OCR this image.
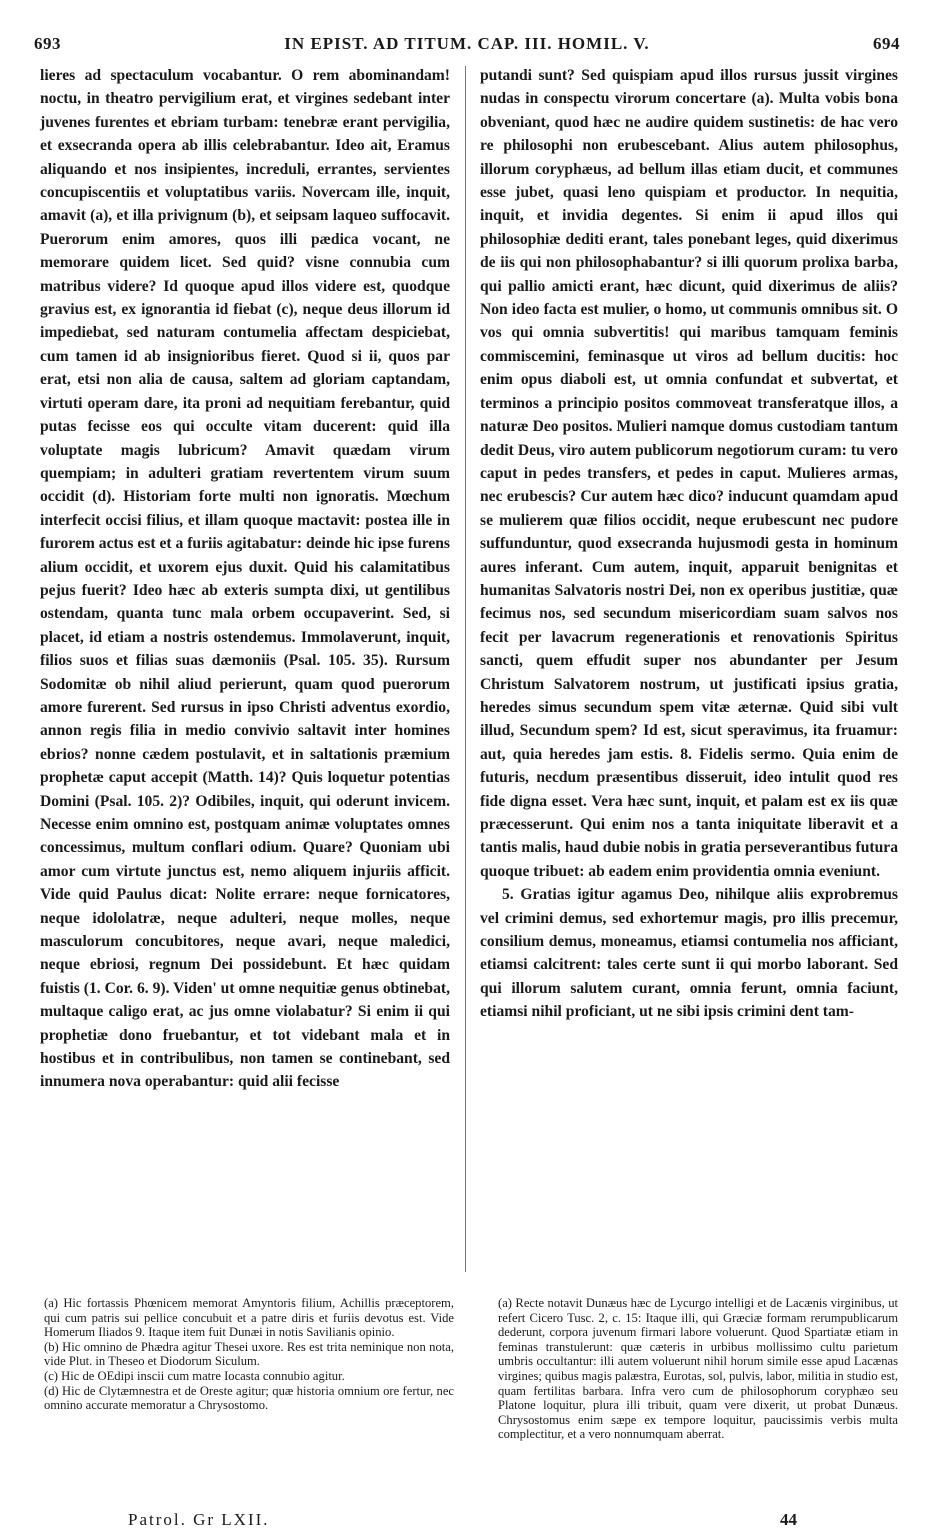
693	IN EPIST. AD TITUM. CAP. III. HOMIL. V.	694

lieres ad spectaculum vocabantur. O rem abominandam! noctu, in theatro pervigilium erat, et virgines sedebant inter juvenes furentes et ebriam turbam: tenebræ erant pervigilia, et exsecranda opera ab illis celebrabantur. Ideo ait, Eramus aliquando et nos insipientes, increduli, errantes, servientes concupiscentiis et voluptatibus variis. Novercam ille, inquit, amavit (a), et illa privignum (b), et seipsam laqueo suffocavit. Puerorum enim amores, quos illi pædica vocant, ne memorare quidem licet. Sed quid? visne connubia cum matribus videre? Id quoque apud illos videre est, quodque gravius est, ex ignorantia id fiebat (c), neque deus illorum id impediebat, sed naturam contumelia affectam despiciebat, cum tamen id ab insignioribus fieret. Quod si ii, quos par erat, etsi non alia de causa, saltem ad gloriam captandam, virtuti operam dare, ita proni ad nequitiam ferebantur, quid putas fecisse eos qui occulte vitam ducerent: quid illa voluptate magis lubricum? Amavit quædam virum quempiam; in adulteri gratiam revertentem virum suum occidit (d). Historiam forte multi non ignoratis. Mœchum interfecit occisi filius, et illam quoque mactavit: postea ille in furorem actus est et a furiis agitabatur: deinde hic ipse furens alium occidit, et uxorem ejus duxit. Quid his calamitatibus pejus fuerit? Ideo hæc ab exteris sumpta dixi, ut gentilibus ostendam, quanta tunc mala orbem occupaverint. Sed, si placet, id etiam a nostris ostendemus. Immolaverunt, inquit, filios suos et filias suas dæmoniis (Psal. 105. 35). Rursum Sodomitæ ob nihil aliud perierunt, quam quod puerorum amore furerent. Sed rursus in ipso Christi adventus exordio, annon regis filia in medio convivio saltavit inter homines ebrios? nonne cædem postulavit, et in saltationis præmium prophetæ caput accepit (Matth. 14)? Quis loquetur potentias Domini (Psal. 105. 2)? Odibiles, inquit, qui oderunt invicem. Necesse enim omnino est, postquam animæ voluptates omnes concessimus, multum conflari odium. Quare? Quoniam ubi amor cum virtute junctus est, nemo aliquem injuriis afficit. Vide quid Paulus dicat: Nolite errare: neque fornicatores, neque idololatræ, neque adulteri, neque molles, neque masculorum concubitores, neque avari, neque maledici, neque ebriosi, regnum Dei possidebunt. Et hæc quidam fuistis (1. Cor. 6. 9). Viden' ut omne nequitiæ genus obtinebat, multaque caligo erat, ac jus omne violabatur? Si enim ii qui prophetiæ dono fruebantur, et tot videbant mala et in hostibus et in contribulibus, non tamen se continebant, sed innumera nova operabantur: quid alii fecisse

putandi sunt? Sed quispiam apud illos rursus jussit virgines nudas in conspectu virorum concertare (a). Multa vobis bona obveniant, quod hæc ne audire quidem sustinetis: de hac vero re philosophi non erubescebant. Alius autem philosophus, illorum coryphæus, ad bellum illas etiam ducit, et communes esse jubet, quasi leno quispiam et productor. In nequitia, inquit, et invidia degentes. Si enim ii apud illos qui philosophiæ dediti erant, tales ponebant leges, quid dixerimus de iis qui non philosophabantur? si illi quorum prolixa barba, qui pallio amicti erant, hæc dicunt, quid dixerimus de aliis? Non ideo facta est mulier, o homo, ut communis omnibus sit. O vos qui omnia subvertitis! qui maribus tamquam feminis commiscemini, feminasque ut viros ad bellum ducitis: hoc enim opus diaboli est, ut omnia confundat et subvertat, et terminos a principio positos commoveat transferatque illos, a naturæ Deo positos. Mulieri namque domus custodiam tantum dedit Deus, viro autem publicorum negotiorum curam: tu vero caput in pedes transfers, et pedes in caput. Mulieres armas, nec erubescis? Cur autem hæc dico? inducunt quamdam apud se mulierem quæ filios occidit, neque erubescunt nec pudore suffunduntur, quod exsecranda hujusmodi gesta in hominum aures inferant. Cum autem, inquit, apparuit benignitas et humanitas Salvatoris nostri Dei, non ex operibus justitiæ, quæ fecimus nos, sed secundum misericordiam suam salvos nos fecit per lavacrum regenerationis et renovationis Spiritus sancti, quem effudit super nos abundanter per Jesum Christum Salvatorem nostrum, ut justificati ipsius gratia, heredes simus secundum spem vitæ æternæ. Quid sibi vult illud, Secundum spem? Id est, sicut speravimus, ita fruamur: aut, quia heredes jam estis. 8. Fidelis sermo. Quia enim de futuris, necdum præsentibus disseruit, ideo intulit quod res fide digna esset. Vera hæc sunt, inquit, et palam est ex iis quæ præcesserunt. Qui enim nos a tanta iniquitate liberavit et a tantis malis, haud dubie nobis in gratia perseverantibus futura quoque tribuet: ab eadem enim providentia omnia eveniunt.

5. Gratias igitur agamus Deo, nihilque aliis exprobremus vel crimini demus, sed exhortemur magis, pro illis precemur, consilium demus, moneamus, etiamsi contumelia nos afficiant, etiamsi calcitrent: tales certe sunt ii qui morbo laborant. Sed qui illorum salutem curant, omnia ferunt, omnia faciunt, etiamsi nihil proficiant, ut ne sibi ipsis crimini dent tam-

(a) Hic fortassis Phœnicem memorat Amyntoris filium, Achillis præceptorem, qui cum patris sui pellice concubuit et a patre diris et furiis devotus est. Vide Homerum Iliados 9. Itaque item fuit Dunæi in notis Savilianis opinio.

(b) Hic omnino de Phædra agitur Thesei uxore. Res est trita neminique non nota, vide Plut. in Theseo et Diodorum Siculum.

(c) Hic de OEdipi inscii cum matre Iocasta connubio agitur.

(d) Hic de Clytæmnestra et de Oreste agitur; quæ historia omnium ore fertur, nec omnino accurate memoratur a Chrysostomo.

(a) Recte notavit Dunæus hæc de Lycurgo intelligi et de Lacænis virginibus, ut refert Cicero Tusc. 2, c. 15: Itaque illi, qui Græciæ formam rerumpublicarum dederunt, corpora juvenum firmari labore voluerunt. Quod Spartiatæ etiam in feminas transtulerunt: quæ cæteris in urbibus mollissimo cultu parietum umbris occultantur: illi autem voluerunt nihil horum simile esse apud Lacænas virgines; quibus magis palæstra, Eurotas, sol, pulvis, labor, militia in studio est, quam fertilitas barbara. Infra vero cum de philosophorum coryphæo seu Platone loquitur, plura illi tribuit, quam vere dixerit, ut probat Dunæus. Chrysostomus enim sæpe ex tempore loquitur, paucissimis verbis multa complectitur, et a vero nonnumquam aberrat.

Patrol. Gr LXII.	44
